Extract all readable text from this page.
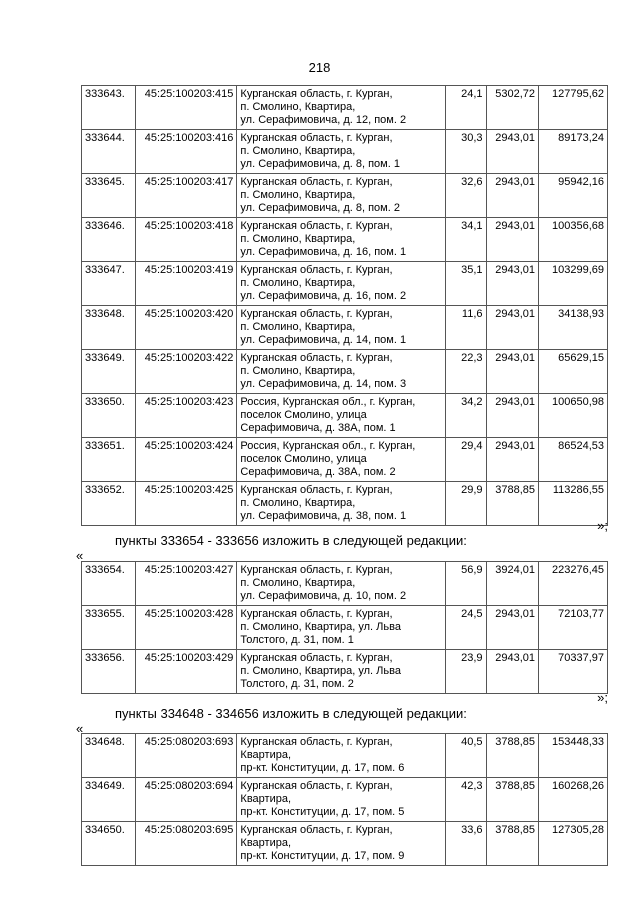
218
333643.	45:25:100203:415	Курганская область, г. Курган,
п. Смолино, Квартира,
ул. Серафимовича, д. 12, пом. 2	24,1	5302,72	127795,62
333644.	45:25:100203:416	Курганская область, г. Курган,
п. Смолино, Квартира,
ул. Серафимовича, д. 8, пом. 1	30,3	2943,01	89173,24
333645.	45:25:100203:417	Курганская область, г. Курган,
п. Смолино, Квартира,
ул. Серафимовича, д. 8, пом. 2	32,6	2943,01	95942,16
333646.	45:25:100203:418	Курганская область, г. Курган,
п. Смолино, Квартира,
ул. Серафимовича, д. 16, пом. 1	34,1	2943,01	100356,68
333647.	45:25:100203:419	Курганская область, г. Курган,
п. Смолино, Квартира,
ул. Серафимовича, д. 16, пом. 2	35,1	2943,01	103299,69
333648.	45:25:100203:420	Курганская область, г. Курган,
п. Смолино, Квартира,
ул. Серафимовича, д. 14, пом. 1	11,6	2943,01	34138,93
333649.	45:25:100203:422	Курганская область, г. Курган,
п. Смолино, Квартира,
ул. Серафимовича, д. 14, пом. 3	22,3	2943,01	65629,15
333650.	45:25:100203:423	Россия, Курганская обл., г. Курган,
поселок Смолино, улица
Серафимовича, д. 38А, пом. 1	34,2	2943,01	100650,98
333651.	45:25:100203:424	Россия, Курганская обл., г. Курган,
поселок Смолино, улица
Серафимовича, д. 38А, пом. 2	29,4	2943,01	86524,53
333652.	45:25:100203:425	Курганская область, г. Курган,
п. Смолино, Квартира,
ул. Серафимовича, д. 38, пом. 1	29,9	3788,85	113286,55
»;
пункты 333654 - 333656 изложить в следующей редакции:
«
333654.	45:25:100203:427	Курганская область, г. Курган,
п. Смолино, Квартира,
ул. Серафимовича, д. 10, пом. 2	56,9	3924,01	223276,45
333655.	45:25:100203:428	Курганская область, г. Курган,
п. Смолино, Квартира, ул. Льва
Толстого, д. 31, пом. 1	24,5	2943,01	72103,77
333656.	45:25:100203:429	Курганская область, г. Курган,
п. Смолино, Квартира, ул. Льва
Толстого, д. 31, пом. 2	23,9	2943,01	70337,97
»;
пункты 334648 - 334656 изложить в следующей редакции:
«
334648.	45:25:080203:693	Курганская область, г. Курган, Квартира,
пр-кт. Конституции, д. 17, пом. 6	40,5	3788,85	153448,33
334649.	45:25:080203:694	Курганская область, г. Курган, Квартира,
пр-кт. Конституции, д. 17, пом. 5	42,3	3788,85	160268,26
334650.	45:25:080203:695	Курганская область, г. Курган, Квартира,
пр-кт. Конституции, д. 17, пом. 9	33,6	3788,85	127305,28
